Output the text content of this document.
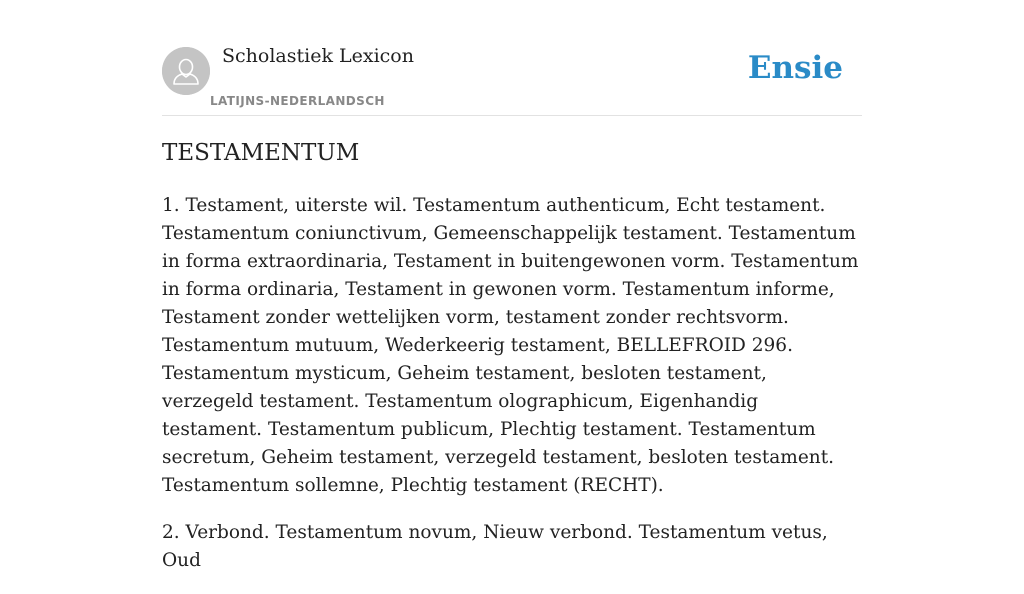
Scholastiek Lexicon
LATIJNS-NEDERLANDSCH
Ensie
TESTAMENTUM

1. Testament, uiterste wil. Testamentum authenticum, Echt testament. Testamentum coniunctivum, Gemeenschappelijk testament. Testamentum in forma extraordinaria, Testament in buitengewonen vorm. Testamentum in forma ordinaria, Testament in gewonen vorm. Testamentum informe, Testament zonder wettelijken vorm, testament zonder rechtsvorm. Testamentum mutuum, Wederkeerig testament, BELLEFROID 296. Testamentum mysticum, Geheim testament, besloten testament, verzegeld testament. Testamentum olographicum, Eigenhandig testament. Testamentum publicum, Plechtig testament. Testamentum secretum, Geheim testament, verzegeld testament, besloten testament. Testamentum sollemne, Plechtig testament (RECHT).

2. Verbond. Testamentum novum, Nieuw verbond. Testamentum vetus, Oud
